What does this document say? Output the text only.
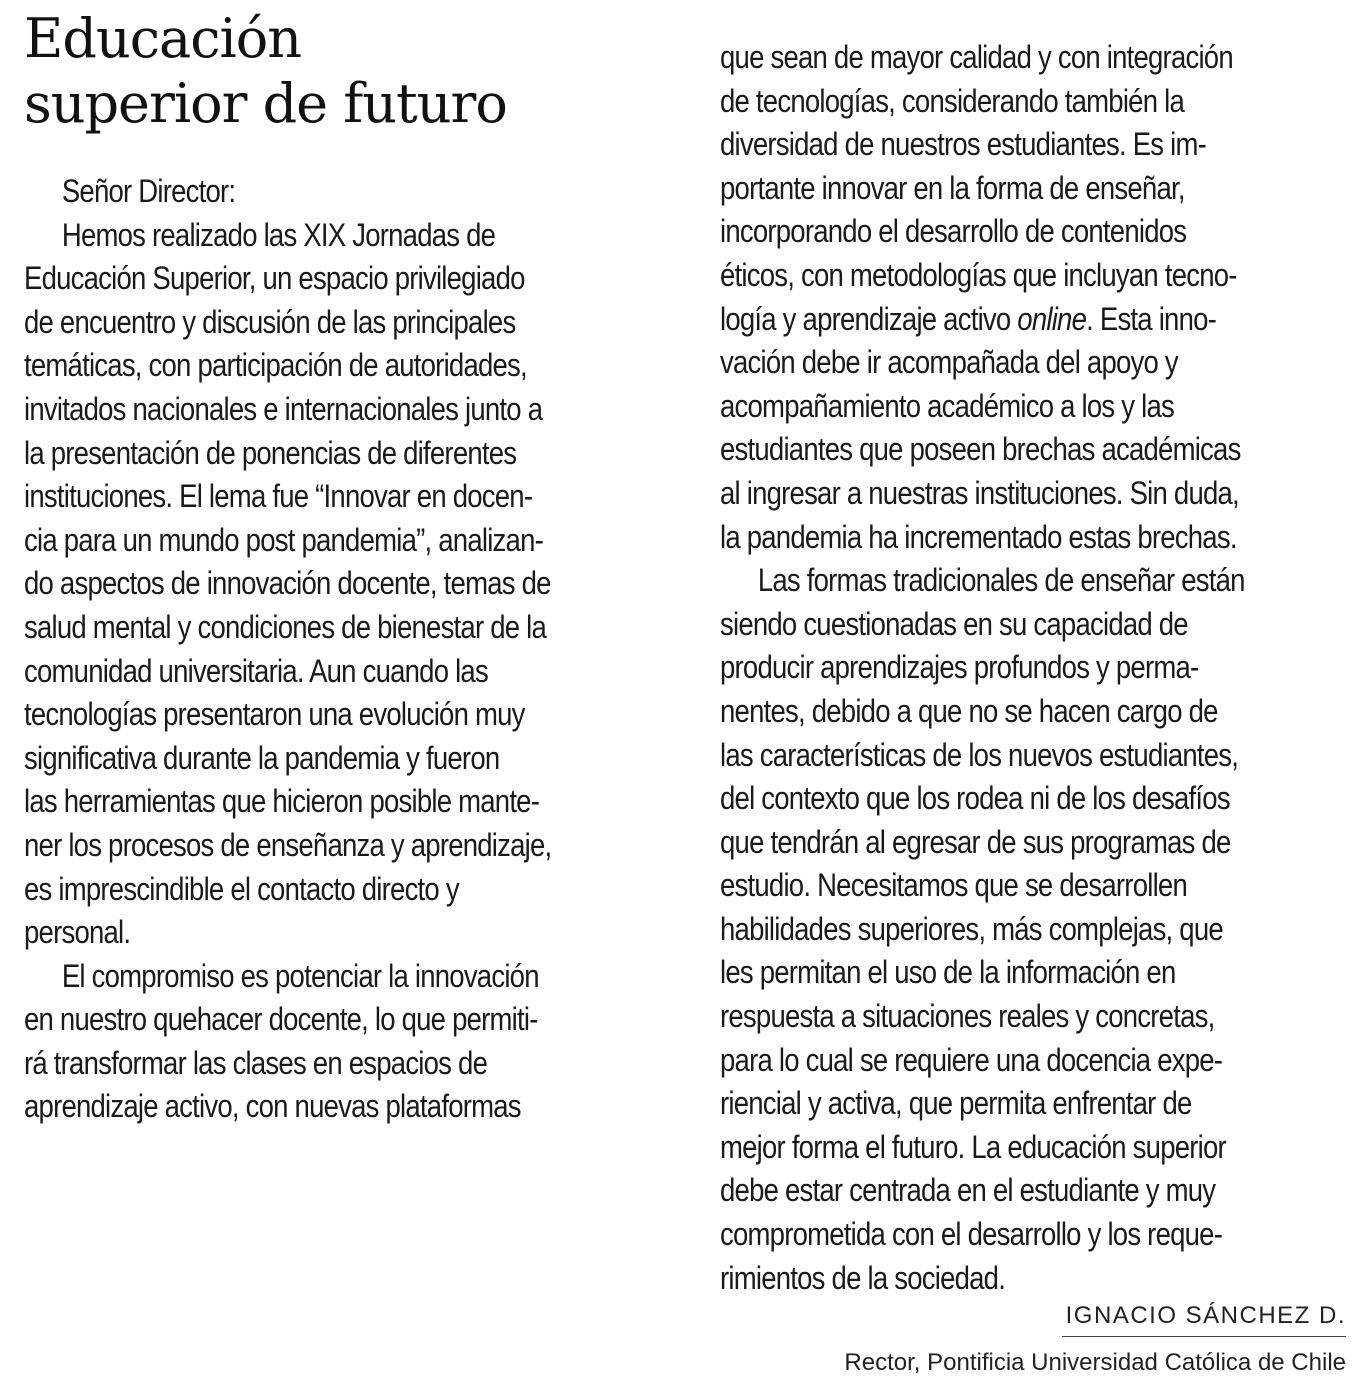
Educación
superior de futuro

Señor Director:

Hemos realizado las XIX Jornadas de
Educación Superior, un espacio privilegiado
de encuentro y discusión de las principales
temáticas, con participación de autoridades,
invitados nacionales e internacionales junto a
la presentación de ponencias de diferentes
instituciones. El lema fue “Innovar en docen-
cia para un mundo post pandemia”, analizan-
do aspectos de innovación docente, temas de
salud mental y condiciones de bienestar de la
comunidad universitaria. Aun cuando las
tecnologías presentaron una evolución muy
significativa durante la pandemia y fueron
las herramientas que hicieron posible mante-
ner los procesos de enseñanza y aprendizaje,
es imprescindible el contacto directo y
personal.

El compromiso es potenciar la innovación
en nuestro quehacer docente, lo que permiti-
rá transformar las clases en espacios de
aprendizaje activo, con nuevas plataformas

que sean de mayor calidad y con integración
de tecnologías, considerando también la
diversidad de nuestros estudiantes. Es im-
portante innovar en la forma de enseñar,
incorporando el desarrollo de contenidos
éticos, con metodologías que incluyan tecno-
logía y aprendizaje activo online. Esta inno-
vación debe ir acompañada del apoyo y
acompañamiento académico a los y las
estudiantes que poseen brechas académicas
al ingresar a nuestras instituciones. Sin duda,
la pandemia ha incrementado estas brechas.

Las formas tradicionales de enseñar están
siendo cuestionadas en su capacidad de
producir aprendizajes profundos y perma-
nentes, debido a que no se hacen cargo de
las características de los nuevos estudiantes,
del contexto que los rodea ni de los desafíos
que tendrán al egresar de sus programas de
estudio. Necesitamos que se desarrollen
habilidades superiores, más complejas, que
les permitan el uso de la información en
respuesta a situaciones reales y concretas,
para lo cual se requiere una docencia expe-
riencial y activa, que permita enfrentar de
mejor forma el futuro. La educación superior
debe estar centrada en el estudiante y muy
comprometida con el desarrollo y los reque-
rimientos de la sociedad.

IGNACIO SÁNCHEZ D.
Rector, Pontificia Universidad Católica de Chile
